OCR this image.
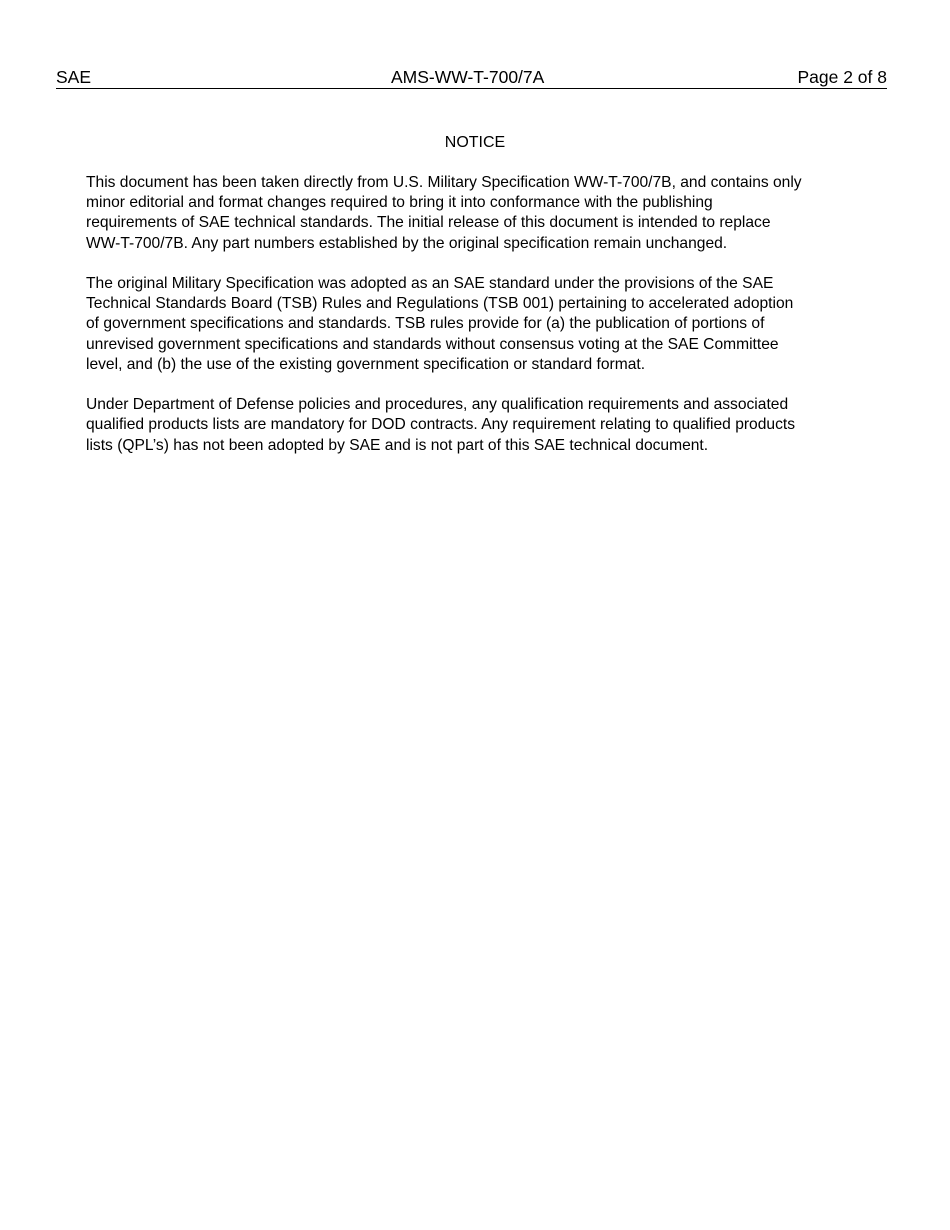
SAE	AMS-WW-T-700/7A	Page 2 of 8
NOTICE

This document has been taken directly from U.S. Military Specification WW-T-700/7B, and contains only
minor editorial and format changes required to bring it into conformance with the publishing
requirements of SAE technical standards. The initial release of this document is intended to replace
WW-T-700/7B. Any part numbers established by the original specification remain unchanged.

The original Military Specification was adopted as an SAE standard under the provisions of the SAE
Technical Standards Board (TSB) Rules and Regulations (TSB 001) pertaining to accelerated adoption
of government specifications and standards. TSB rules provide for (a) the publication of portions of
unrevised government specifications and standards without consensus voting at the SAE Committee
level, and (b) the use of the existing government specification or standard format.

Under Department of Defense policies and procedures, any qualification requirements and associated
qualified products lists are mandatory for DOD contracts. Any requirement relating to qualified products
lists (QPL’s) has not been adopted by SAE and is not part of this SAE technical document.
